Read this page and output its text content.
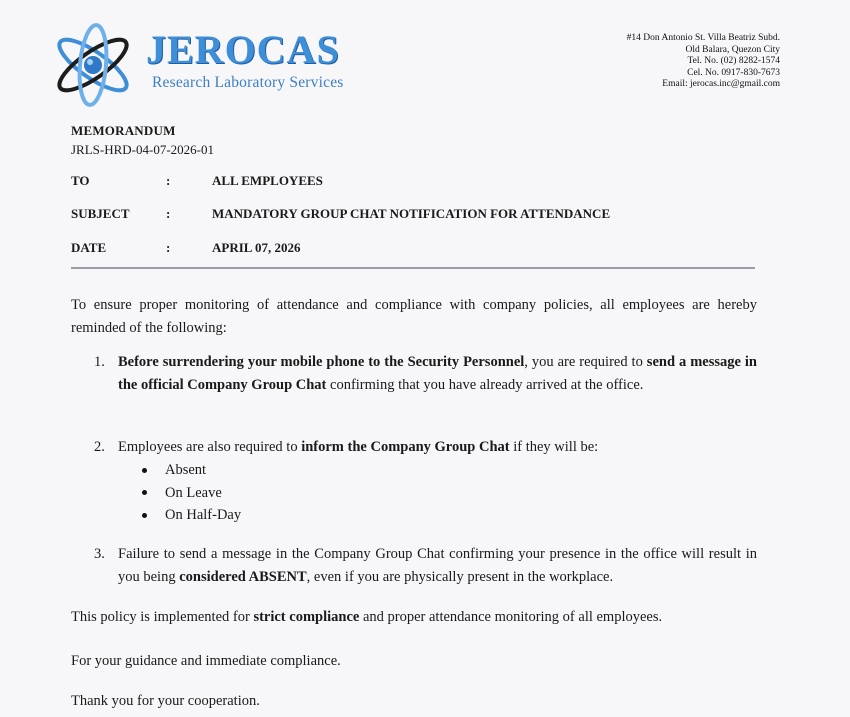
JEROCAS
Research Laboratory Services
#14 Don Antonio St. Villa Beatriz Subd.
Old Balara, Quezon City
Tel. No. (02) 8282-1574
Cel. No. 0917-830-7673
Email: jerocas.inc@gmail.com
MEMORANDUM
JRLS-HRD-04-07-2026-01
TO	:	ALL EMPLOYEES
SUBJECT	:	MANDATORY GROUP CHAT NOTIFICATION FOR ATTENDANCE
DATE	:	APRIL 07, 2026
To ensure proper monitoring of attendance and compliance with company policies, all employees are hereby reminded of the following:
1. Before surrendering your mobile phone to the Security Personnel, you are required to send a message in the official Company Group Chat confirming that you have already arrived at the office.
2. Employees are also required to inform the Company Group Chat if they will be:
Absent
On Leave
On Half-Day
3. Failure to send a message in the Company Group Chat confirming your presence in the office will result in you being considered ABSENT, even if you are physically present in the workplace.
This policy is implemented for strict compliance and proper attendance monitoring of all employees.
For your guidance and immediate compliance.
Thank you for your cooperation.
